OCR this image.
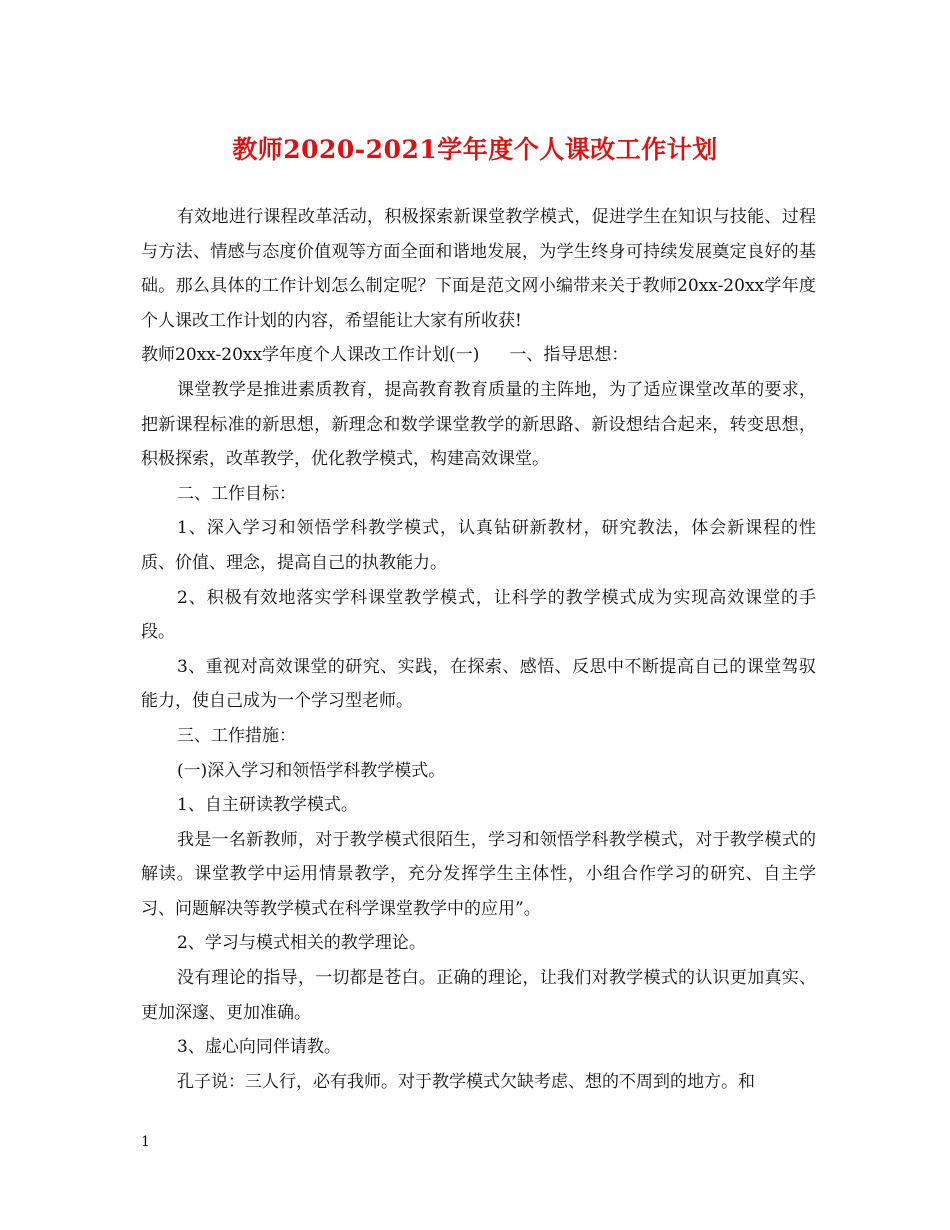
教师2020-2021学年度个人课改工作计划

有效地进行课程改革活动，积极探索新课堂教学模式，促进学生在知识与技能、过程与方法、情感与态度价值观等方面全面和谐地发展，为学生终身可持续发展奠定良好的基础。那么具体的工作计划怎么制定呢？下面是范文网小编带来关于教师20xx-20xx学年度个人课改工作计划的内容，希望能让大家有所收获!

教师20xx-20xx学年度个人课改工作计划(一) 一、指导思想：

课堂教学是推进素质教育，提高教育教育质量的主阵地，为了适应课堂改革的要求，把新课程标准的新思想，新理念和数学课堂教学的新思路、新设想结合起来，转变思想，积极探索，改革教学，优化教学模式，构建高效课堂。

二、工作目标：

1、深入学习和领悟学科教学模式，认真钻研新教材，研究教法，体会新课程的性质、价值、理念，提高自己的执教能力。

2、积极有效地落实学科课堂教学模式，让科学的教学模式成为实现高效课堂的手段。

3、重视对高效课堂的研究、实践，在探索、感悟、反思中不断提高自己的课堂驾驭能力，使自己成为一个学习型老师。

三、工作措施：

(一)深入学习和领悟学科教学模式。

1、自主研读教学模式。

我是一名新教师，对于教学模式很陌生，学习和领悟学科教学模式，对于教学模式的解读。课堂教学中运用情景教学，充分发挥学生主体性，小组合作学习的研究、自主学习、问题解决等教学模式在科学课堂教学中的应用”。

2、学习与模式相关的教学理论。

没有理论的指导，一切都是苍白。正确的理论，让我们对教学模式的认识更加真实、更加深邃、更加准确。

3、虚心向同伴请教。

孔子说：三人行，必有我师。对于教学模式欠缺考虑、想的不周到的地方。和

1
